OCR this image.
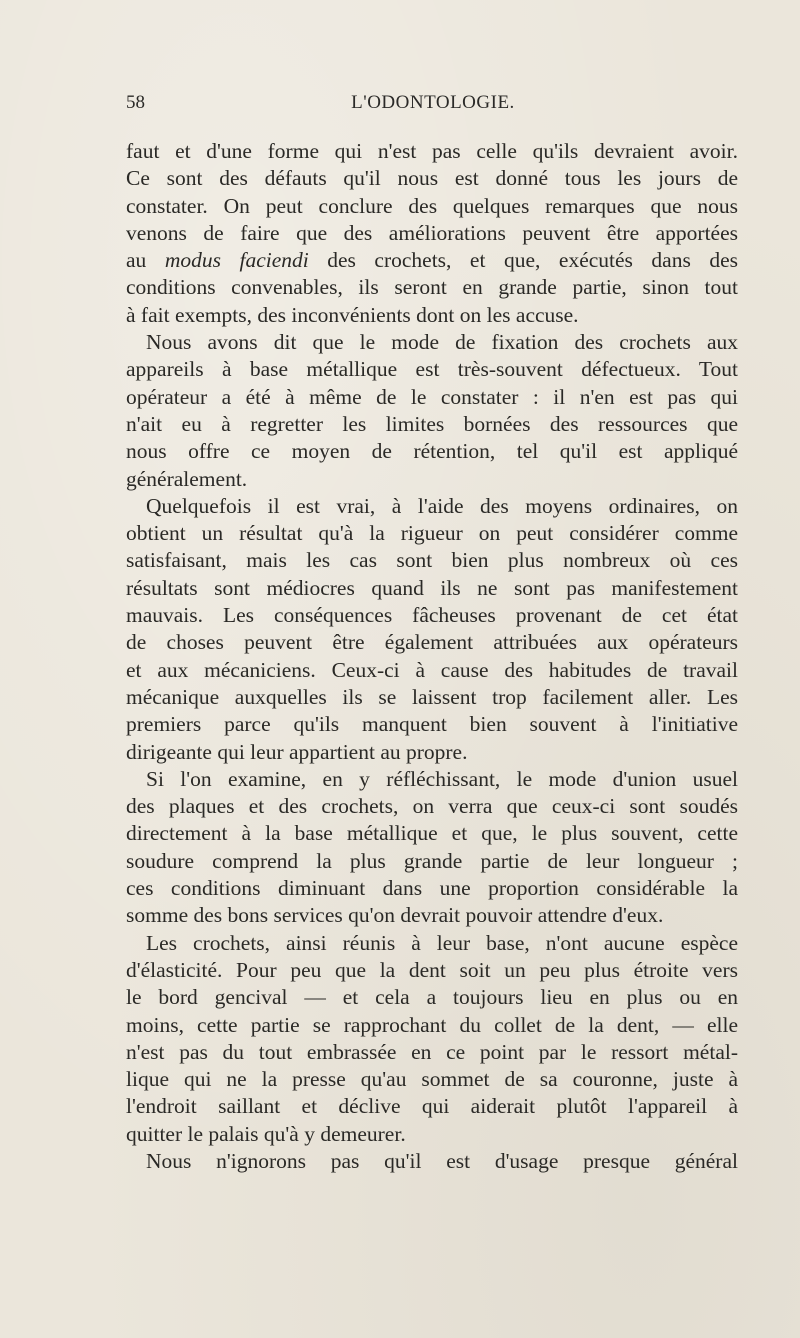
58	L'ODONTOLOGIE.
faut et d'une forme qui n'est pas celle qu'ils devraient avoir.
Ce sont des défauts qu'il nous est donné tous les jours de
constater. On peut conclure des quelques remarques que nous
venons de faire que des améliorations peuvent être apportées
au modus faciendi des crochets, et que, exécutés dans des
conditions convenables, ils seront en grande partie, sinon tout
à fait exempts, des inconvénients dont on les accuse.
Nous avons dit que le mode de fixation des crochets aux
appareils à base métallique est très-souvent défectueux. Tout
opérateur a été à même de le constater : il n'en est pas qui
n'ait eu à regretter les limites bornées des ressources que
nous offre ce moyen de rétention, tel qu'il est appliqué
généralement.
Quelquefois il est vrai, à l'aide des moyens ordinaires, on
obtient un résultat qu'à la rigueur on peut considérer comme
satisfaisant, mais les cas sont bien plus nombreux où ces
résultats sont médiocres quand ils ne sont pas manifestement
mauvais. Les conséquences fâcheuses provenant de cet état
de choses peuvent être également attribuées aux opérateurs
et aux mécaniciens. Ceux-ci à cause des habitudes de travail
mécanique auxquelles ils se laissent trop facilement aller. Les
premiers parce qu'ils manquent bien souvent à l'initiative
dirigeante qui leur appartient au propre.
Si l'on examine, en y réfléchissant, le mode d'union usuel
des plaques et des crochets, on verra que ceux-ci sont soudés
directement à la base métallique et que, le plus souvent, cette
soudure comprend la plus grande partie de leur longueur ;
ces conditions diminuant dans une proportion considérable la
somme des bons services qu'on devrait pouvoir attendre d'eux.
Les crochets, ainsi réunis à leur base, n'ont aucune espèce
d'élasticité. Pour peu que la dent soit un peu plus étroite vers
le bord gencival — et cela a toujours lieu en plus ou en
moins, cette partie se rapprochant du collet de la dent, — elle
n'est pas du tout embrassée en ce point par le ressort métal-
lique qui ne la presse qu'au sommet de sa couronne, juste à
l'endroit saillant et déclive qui aiderait plutôt l'appareil à
quitter le palais qu'à y demeurer.
Nous n'ignorons pas qu'il est d'usage presque général
